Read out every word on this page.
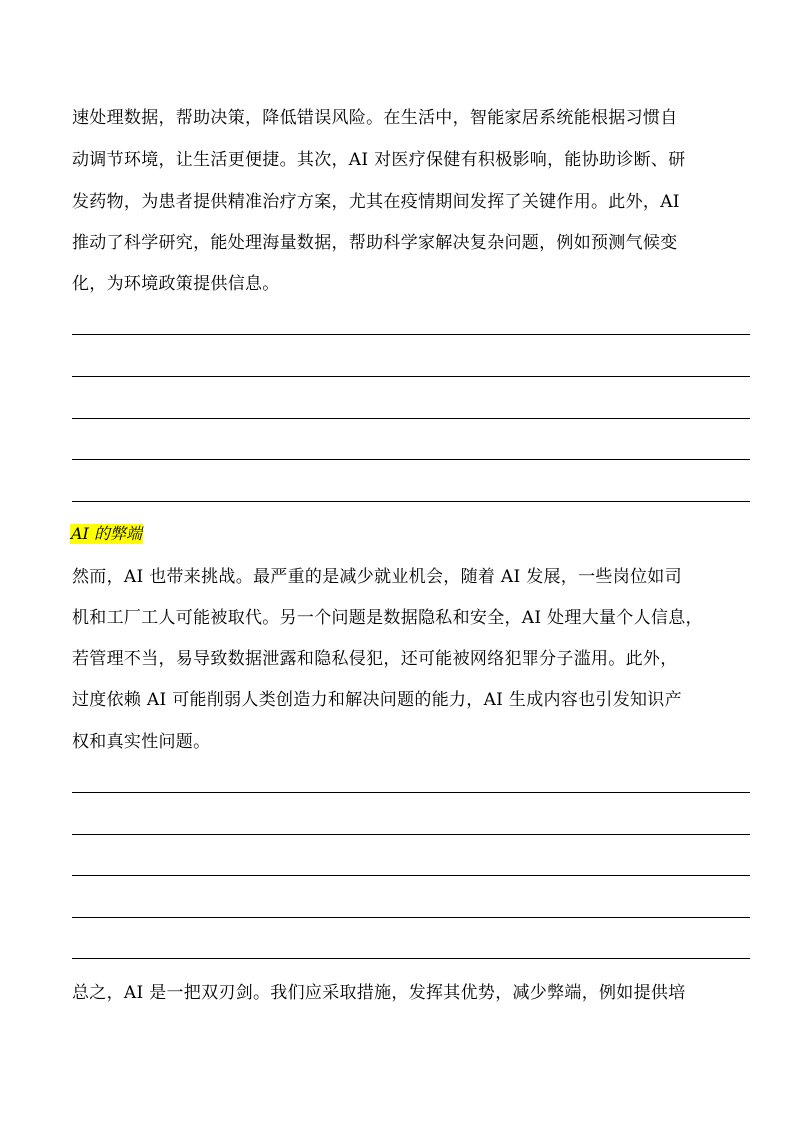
速处理数据，帮助决策，降低错误风险。在生活中，智能家居系统能根据习惯自
动调节环境，让生活更便捷。其次，AI 对医疗保健有积极影响，能协助诊断、研
发药物，为患者提供精准治疗方案，尤其在疫情期间发挥了关键作用。此外，AI
推动了科学研究，能处理海量数据，帮助科学家解决复杂问题，例如预测气候变
化，为环境政策提供信息。
AI 的弊端
然而，AI 也带来挑战。最严重的是减少就业机会，随着 AI 发展，一些岗位如司
机和工厂工人可能被取代。另一个问题是数据隐私和安全，AI 处理大量个人信息，
若管理不当，易导致数据泄露和隐私侵犯，还可能被网络犯罪分子滥用。此外，
过度依赖 AI 可能削弱人类创造力和解决问题的能力，AI 生成内容也引发知识产
权和真实性问题。
总之，AI 是一把双刃剑。我们应采取措施，发挥其优势，减少弊端，例如提供培
